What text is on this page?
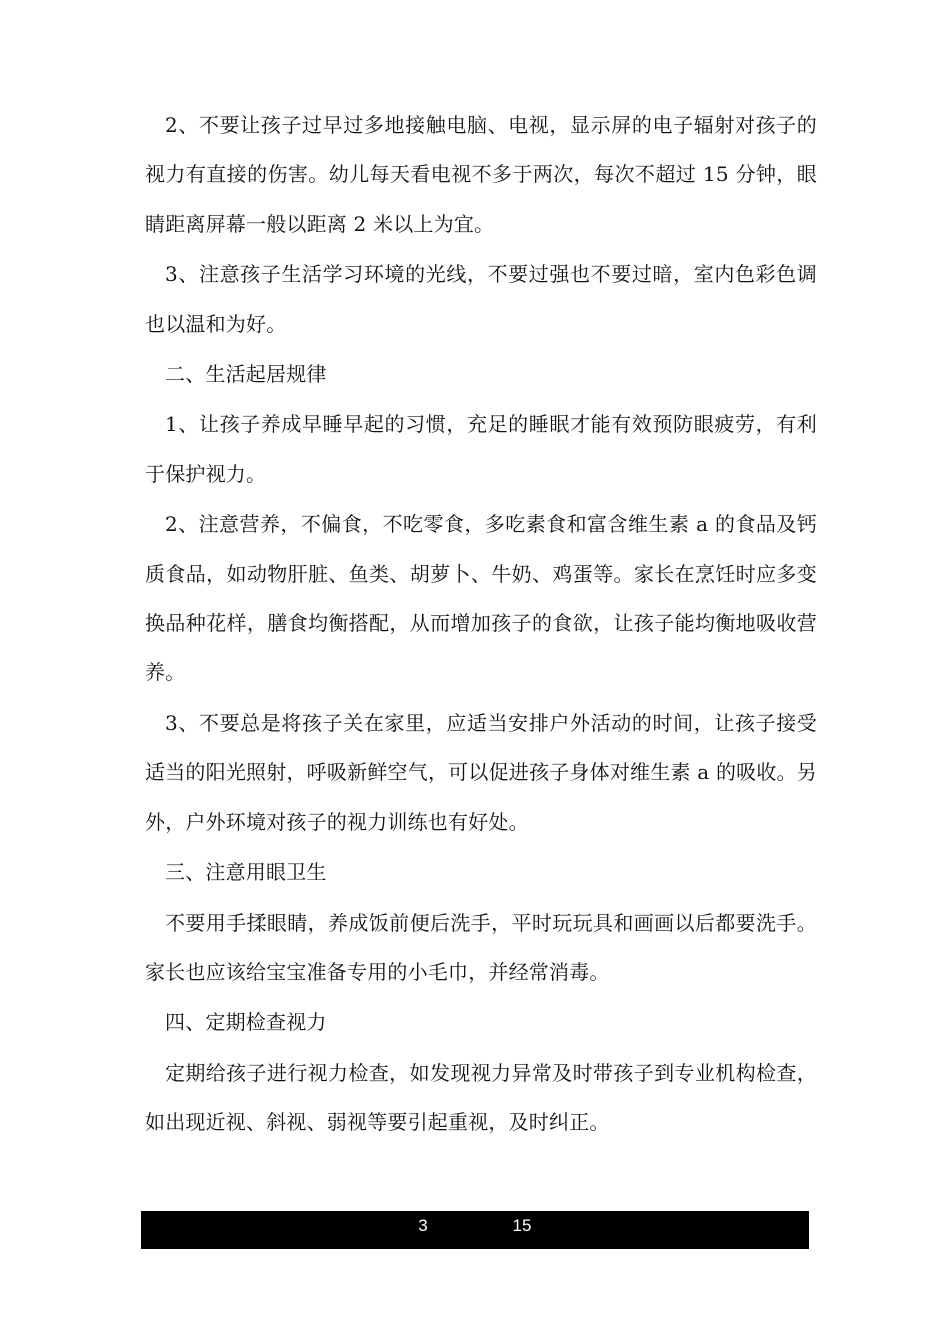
2、不要让孩子过早过多地接触电脑、电视，显示屏的电子辐射对孩子的视力有直接的伤害。幼儿每天看电视不多于两次，每次不超过 15 分钟，眼睛距离屏幕一般以距离 2 米以上为宜。

3、注意孩子生活学习环境的光线，不要过强也不要过暗，室内色彩色调也以温和为好。

二、生活起居规律

1、让孩子养成早睡早起的习惯，充足的睡眠才能有效预防眼疲劳，有利于保护视力。

2、注意营养，不偏食，不吃零食，多吃素食和富含维生素 a 的食品及钙质食品，如动物肝脏、鱼类、胡萝卜、牛奶、鸡蛋等。家长在烹饪时应多变换品种花样，膳食均衡搭配，从而增加孩子的食欲，让孩子能均衡地吸收营养。

3、不要总是将孩子关在家里，应适当安排户外活动的时间，让孩子接受适当的阳光照射，呼吸新鲜空气，可以促进孩子身体对维生素 a 的吸收。另外，户外环境对孩子的视力训练也有好处。

三、注意用眼卫生

不要用手揉眼睛，养成饭前便后洗手，平时玩玩具和画画以后都要洗手。家长也应该给宝宝准备专用的小毛巾，并经常消毒。

四、定期检查视力

定期给孩子进行视力检查，如发现视力异常及时带孩子到专业机构检查，如出现近视、斜视、弱视等要引起重视，及时纠正。

3	15
